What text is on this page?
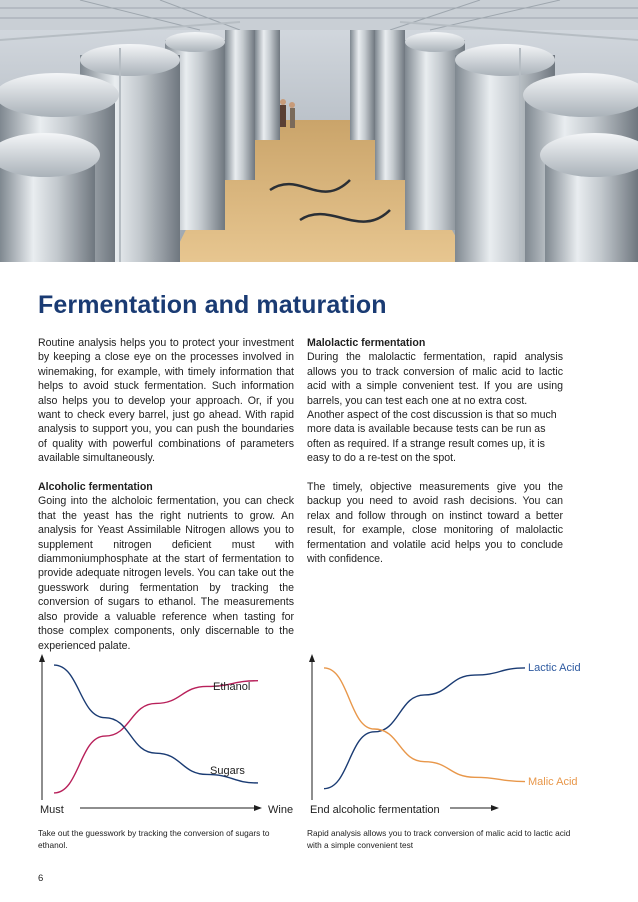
Fermentation and maturation

Routine analysis helps you to protect your investment by keeping a close eye on the processes involved in winemaking, for example, with timely information that helps to avoid stuck fermentation. Such information also helps you to develop your approach. Or, if you want to check every barrel, just go ahead. With rapid analysis to support you, you can push the boundaries of quality with powerful combinations of parameters available simultaneously.

Alcoholic fermentation

Going into the alcholoic fermentation, you can check that the yeast has the right nutrients to grow. An analysis for Yeast Assimilable Nitrogen allows you to supplement nitrogen deficient must with diammoniumphosphate at the start of fermentation to provide adequate nitrogen levels. You can take out the guesswork during fermentation by tracking the conversion of sugars to ethanol. The measurements also provide a valuable reference when tasting for those complex components, only discernable to the experienced palate.

Malolactic fermentation

During the malolactic fermentation, rapid analysis allows you to track conversion of malic acid to lactic acid with a simple convenient test. If you are using barrels, you can test each one at no extra cost.

Another aspect of the cost discussion is that so much more data is available because tests can be run as often as required. If a strange result comes up, it is easy to do a re-test on the spot.

The timely, objective measurements give you the backup you need to avoid rash decisions. You can relax and follow through on instinct toward a better result, for example, close monitoring of malolactic fermentation and volatile acid helps you to conclude with confidence.

Must	Wine
Ethanol
Sugars
End alcoholic fermentation
Lactic Acid
Malic Acid
Take out the guesswork by tracking the conversion of sugars to ethanol.
Rapid analysis allows you to track conversion of malic acid to lactic acid with a simple convenient test
6
